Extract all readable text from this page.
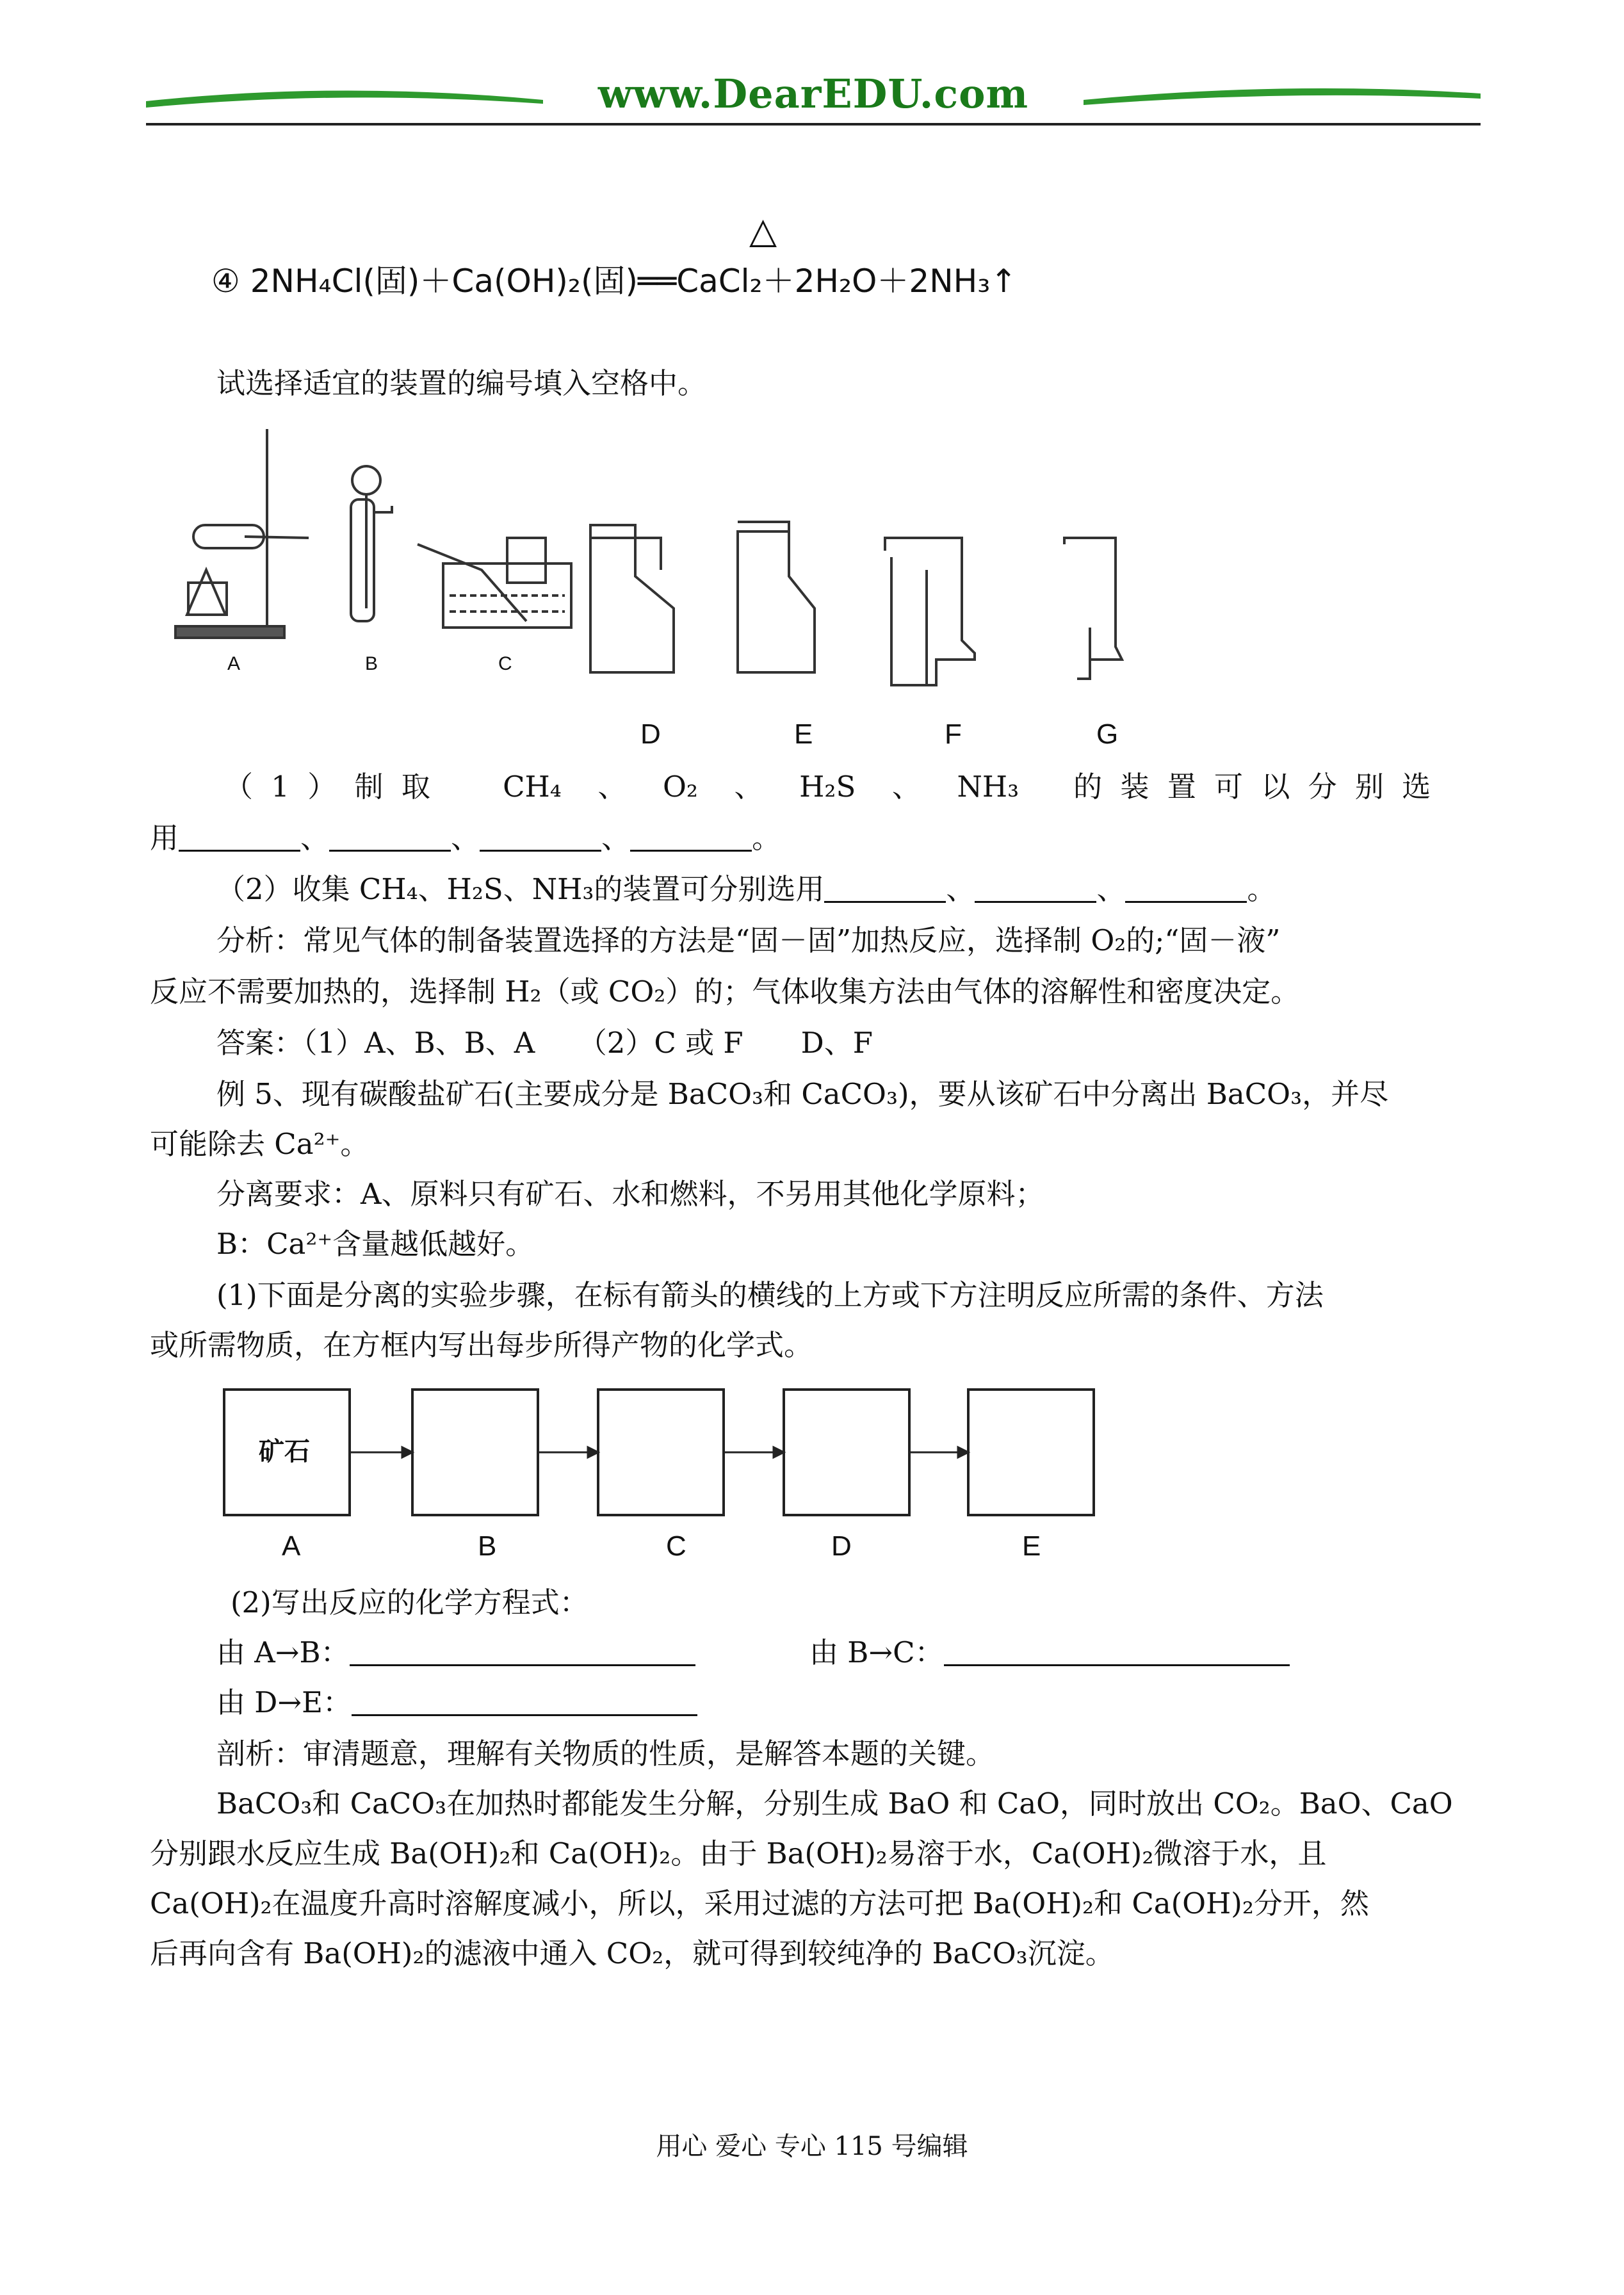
www.DearEDU.com
△
④ 2NH₄Cl(固)＋Ca(OH)₂(固)══CaCl₂＋2H₂O＋2NH₃↑
试选择适宜的装置的编号填入空格中。
A	B	C
D	E	F	G
（ 1 ） 制 取	CH₄  、  O₂  、  H₂S  、  NH₃ 的 装 置 可 以 分 别 选
用	、	、	、	。
（2）收集 CH₄、H₂S、NH₃的装置可分别选用	、	、	。
分析：常见气体的制备装置选择的方法是“固－固”加热反应，选择制 O₂的;“固－液”
反应不需要加热的，选择制 H₂（或 CO₂）的；气体收集方法由气体的溶解性和密度决定。
答案：（1）A、B、B、A　　（2）C 或 F　　D、F
例 5、现有碳酸盐矿石(主要成分是 BaCO₃和 CaCO₃)，要从该矿石中分离出 BaCO₃，并尽
可能除去 Ca²⁺。
分离要求：A、原料只有矿石、水和燃料，不另用其他化学原料；
B：Ca²⁺含量越低越好。
(1)下面是分离的实验步骤，在标有箭头的横线的上方或下方注明反应所需的条件、方法
或所需物质，在方框内写出每步所得产物的化学式。
矿石
A	B	C	D	E
(2)写出反应的化学方程式：
由 A→B：	由 B→C：
由 D→E：
剖析：审清题意，理解有关物质的性质，是解答本题的关键。
BaCO₃和 CaCO₃在加热时都能发生分解，分别生成 BaO 和 CaO，同时放出 CO₂。BaO、CaO
分别跟水反应生成 Ba(OH)₂和 Ca(OH)₂。由于 Ba(OH)₂易溶于水，Ca(OH)₂微溶于水，且
Ca(OH)₂在温度升高时溶解度减小，所以，采用过滤的方法可把 Ba(OH)₂和 Ca(OH)₂分开，然
后再向含有 Ba(OH)₂的滤液中通入 CO₂，就可得到较纯净的 BaCO₃沉淀。
用心 爱心 专心 115 号编辑
